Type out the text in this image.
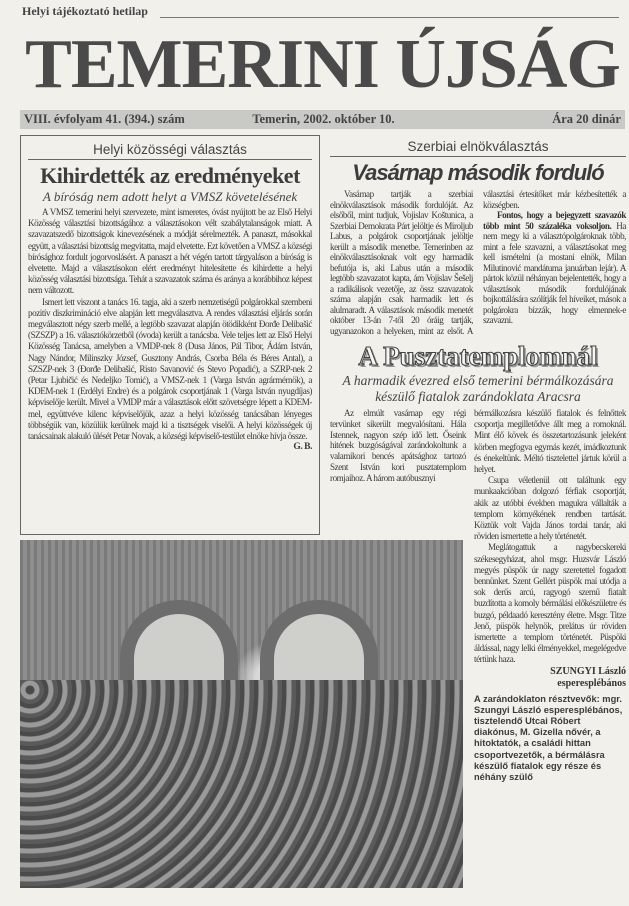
Helyi tájékoztató hetilap
TEMERINI ÚJSÁG
VIII. évfolyam 41. (394.) szám	Temerin, 2002. október 10.	Ára 20 dinár
Helyi közösségi választás
Kihirdették az eredményeket
A bíróság nem adott helyt a VMSZ követelésének

A VMSZ temerini helyi szervezete, mint ismeretes, óvást nyújtott be az Első Helyi Közösség választási bizottságához a választásokon vélt szabálytalanságok miatt. A szavazatszedő bizottságok kinevezésének a módját sérelmezték. A panaszt, másokkal együtt, a választási bizottság megvitatta, majd elvetette. Ezt követően a VMSZ a községi bírósághoz fordult jogorvoslásért. A panaszt a hét végén tartott tárgyaláson a bíróság is elvetette. Majd a választásokon elért eredményt hitelesítette és kihirdette a helyi közösség választási bizottsága. Tehát a szavazatok száma és aránya a korábbihoz képest nem változott.

Ismert lett viszont a tanács 16. tagja, aki a szerb nemzetiségű polgárokkal szembeni pozitív diszkrimináció elve alapján lett megválasztva. A rendes választási eljárás során megválasztott négy szerb mellé, a legtöbb szavazat alapján ötödikként Đorđe Delibašić (SZSZP) a 16. választókörzetből (óvoda) került a tanácsba. Vele teljes lett az Első Helyi Közösség Tanácsa, amelyben a VMDP-nek 8 (Dusa János, Pál Tibor, Ádám István, Nagy Nándor, Milinszky József, Gusztony András, Csorba Béla és Béres Antal), a SZSZP-nek 3 (Đorđe Delibašić, Risto Savanović és Stevo Popadić), a SZRP-nek 2 (Petar Ljubičić és Nedeljko Tomić), a VMSZ-nek 1 (Varga István agrármérnök), a KDEM-nek 1 (Erdélyi Endre) és a polgárok csoportjának 1 (Varga István nyugdíjas) képviselője került. Mivel a VMDP már a választások előtt szövetségre lépett a KDEM-mel, együttvéve kilenc képviselőjük, azaz a helyi közösség tanácsában lényeges többségük van, közülük kerülnek majd ki a tisztségek viselői. A helyi közösségek új tanácsainak alakuló ülését Petar Novak, a községi képviselő-testület elnöke hívja össze.

G. B.
Szerbiai elnökválasztás
Vasárnap második forduló

Vasárnap tartják a szerbiai elnökválasztások második fordulóját. Az elsőből, mint tudjuk, Vojislav Koštunica, a Szerbiai Demokrata Párt jelöltje és Miroljub Labus, a polgárok csoportjának jelöltje került a második menetbe. Temerinben az elnökválasztásoknak volt egy harmadik befutója is, aki Labus után a második legtöbb szavazatot kapta, ám Vojislav Šešelj a radikálisok vezetője, az össz szavazatok száma alapján csak harmadik lett és alulmaradt. A választások második menetét október 13-án 7-től 20 óráig tartják, ugyanazokon a helyeken, mint az elsőt. A választási értesítőket már kézbesítették a községben.

Fontos, hogy a bejegyzett szavazók több mint 50 százaléka voksoljon. Ha nem megy ki a választópolgároknak több, mint a fele szavazni, a választásokat meg kell ismételni (a mostani elnök, Milan Milutinović mandátuma januárban lejár). A pártok közül néhányan bejelentették, hogy a választások második fordulójának bojkottálására szólítják fel híveiket, mások a polgárokra bízzák, hogy elmennek-e szavazni.

A Pusztatemplomnál
A harmadik évezred első temerini bérmálkozására készülő fiatalok zarándoklata Aracsra

Az elmúlt vasárnap egy régi tervünket sikerült megvalósítani. Hála Istennek, nagyon szép idő lett. Őseink hitének buzgóságával zarándokoltunk a valamikori bencés apátsághoz tartozó Szent István kori pusztatemplom romjaihoz. A három autóbusznyi

bérmálkozásra készülő fiatalok és felnőttek csoportja megilletődve állt meg a romoknál. Mint élő kövek és összetartozásunk jeleként körben megfogva egymás kezét, imádkoztunk és énekeltünk. Méltó tisztelettel jártuk körül a helyet.

Csupa véletlenül ott találtunk egy munkaakcióban dolgozó férfiak csoportját, akik az utóbbi években magukra vállalták a templom környékének rendben tartását. Köztük volt Vajda János tordai tanár, aki röviden ismertette a hely történetét.

Meglátogattuk a nagybecskereki székesegyházat, ahol msgr. Huzsvár László megyés püspök úr nagy szeretettel fogadott bennünket. Szent Gellért püspök mai utódja a sok derűs arcú, ragyogó szemű fiatalt buzdította a komoly bérmálási előkészületre és buzgó, példaadó keresztény életre. Msgr. Titze Jenő, püspök helynök, prelátus úr röviden ismertette a templom történetét. Püspöki áldással, nagy lelki élményekkel, megelégedve tértünk haza.

SZUNGYI László
esperesplébános
A zarándoklaton résztvevők: mgr. Szungyi László esperesplébános, tisztelendő Utcai Róbert diakónus, M. Gizella nővér, a hitoktatók, a családi hittan csoportvezetők, a bérmálásra készülő fiatalok egy része és néhány szülő
